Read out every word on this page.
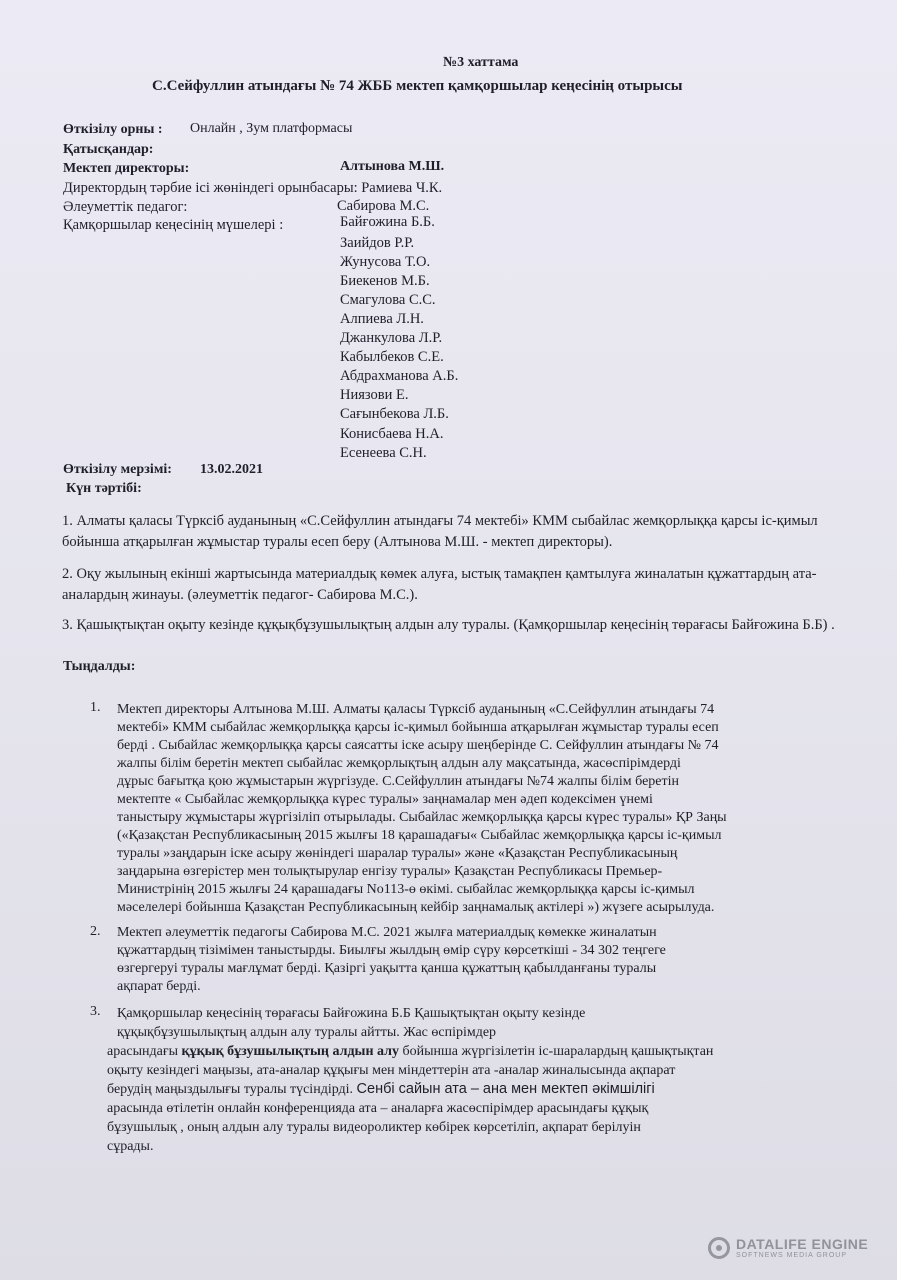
№3 хаттама
С.Сейфуллин атындағы № 74 ЖББ мектеп қамқоршылар кеңесінің отырысы
Өткізілу орны : Онлайн , Зум платформасы
Қатысқандар:
Мектеп директоры:	Алтынова М.Ш.
Директордың тәрбие ісі жөніндегі орынбасары: Рамиева Ч.К.
Әлеуметтік педагог:	Сабирова М.С.
Қамқоршылар кеңесінің мүшелері :	Байғожина Б.Б.
Заийдов Р.Р.
Жунусова Т.О.
Биекенов М.Б.
Смагулова С.С.
Алпиева Л.Н.
Джанкулова Л.Р.
Кабылбеков С.Е.
Абдрахманова А.Б.
Ниязови Е.
Сағынбекова Л.Б.
Конисбаева Н.А.
Есенеева С.Н.
Өткізілу мерзімі: 13.02.2021
Күн тәртібі:
1. Алматы қаласы Түрксіб ауданының «С.Сейфуллин атындағы 74 мектебі» КММ сыбайлас жемқорлыққа қарсы іс-қимыл бойынша атқарылған жұмыстар туралы есеп беру (Алтынова М.Ш. - мектеп директоры).
2. Оқу жылының екінші жартысында материалдық көмек алуға, ыстық тамақпен қамтылуға жиналатын құжаттардың ата-аналардың жинауы. (әлеуметтік педагог- Сабирова М.С.).
3. Қашықтықтан оқыту кезінде құқықбұзушылықтың алдын алу туралы. (Қамқоршылар кеңесінің төрағасы Байғожина Б.Б) .
Тыңдалды:
1. Мектеп директоры Алтынова М.Ш. Алматы қаласы Түрксіб ауданының «С.Сейфуллин атындағы 74
мектебі» КММ сыбайлас жемқорлыққа қарсы іс-қимыл бойынша атқарылған жұмыстар туралы есеп
берді . Сыбайлас жемқорлыққа қарсы саясатты іске асыру шеңберінде С. Сейфуллин атындағы № 74
жалпы білім беретін мектеп сыбайлас жемқорлықтың алдын алу мақсатында, жасөспірімдерді
дұрыс бағытқа қою жұмыстарын жүргізуде. С.Сейфуллин атындағы №74 жалпы білім беретін
мектепте « Сыбайлас жемқорлыққа күрес туралы» заңнамалар мен әдеп кодексімен үнемі
таныстыру жұмыстары жүргізіліп отырылады. Сыбайлас жемқорлыққа қарсы күрес туралы» ҚР Заңы
(«Қазақстан Республикасының 2015 жылғы 18 қарашадағы« Сыбайлас жемқорлыққа қарсы іс-қимыл
туралы »заңдарын іске асыру жөніндегі шаралар туралы» және «Қазақстан Республикасының
заңдарына өзгерістер мен толықтырулар енгізу туралы» Қазақстан Республикасы Премьер-
Министрінің 2015 жылғы 24 қарашадағы No113-ө өкімі. сыбайлас жемқорлыққа қарсы іс-қимыл
мәселелері бойынша Қазақстан Республикасының кейбір заңнамалық актілері ») жүзеге асырылуда.
2. Мектеп әлеуметтік педагогы Сабирова М.С. 2021 жылға материалдық көмекке жиналатын
құжаттардың тізімімен таныстырды. Биылғы жылдың өмір сүру көрсеткіші - 34 302 теңгеге
өзгергеруі туралы мағлұмат берді. Қазіргі уақытта қанша құжаттың қабылданғаны туралы
ақпарат берді.
3. Қамқоршылар кеңесінің төрағасы Байғожина Б.Б Қашықтықтан оқыту кезінде
құқықбұзушылықтың алдын алу туралы айтты. Жас өспірімдер
арасындағы құқық бұзушылықтың алдын алу бойынша жүргізілетін іс-шаралардың қашықтықтан
оқыту кезіндегі маңызы, ата-аналар құқығы мен міндеттерін ата -аналар жиналысында ақпарат
берудің маңыздылығы туралы түсіндірді. Сенбі сайын ата – ана мен мектеп әкімшілігі
арасында өтілетін онлайн конференцияда ата – аналарға жасөспірімдер арасындағы құқық
бұзушылық , оның алдын алу туралы видеороликтер көбірек көрсетіліп, ақпарат берілуін
сұрады.
DATALIFE ENGINE
SOFTNEWS MEDIA GROUP
